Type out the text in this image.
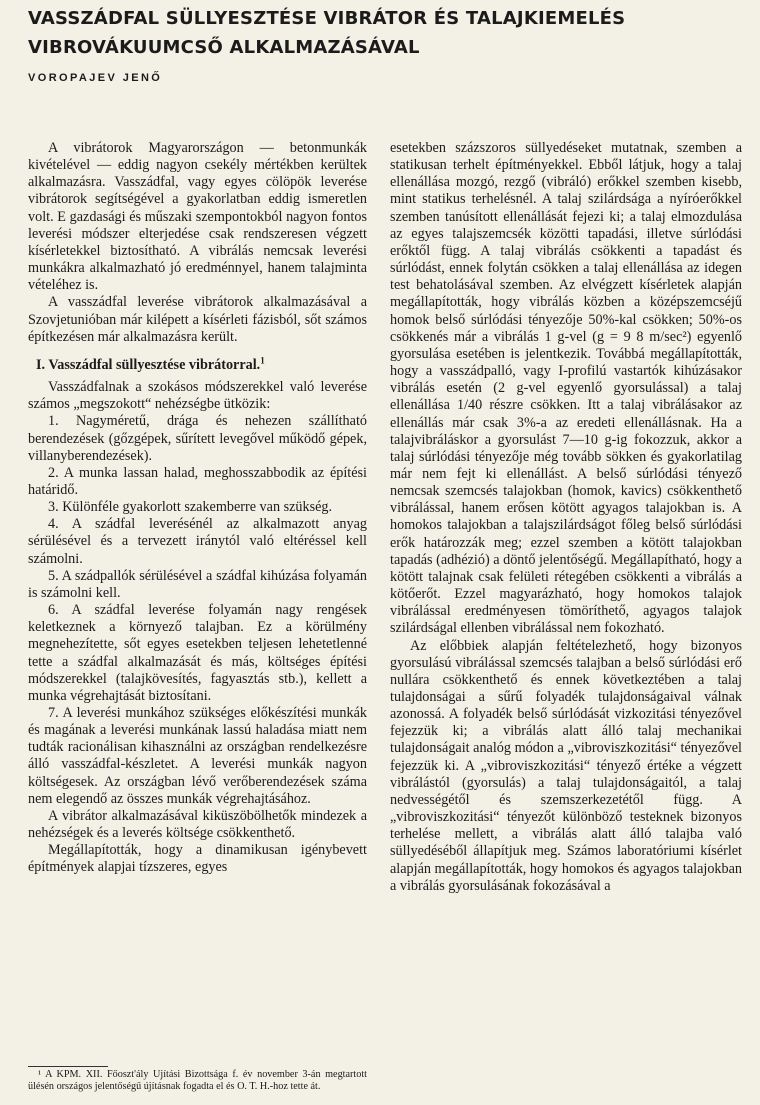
VASSZÁDFAL SÜLLYESZTÉSE VIBRÁTOR ÉS TALAJKIEMELÉS VIBROVÁKUUMCSŐ ALKALMAZÁSÁVAL
VOROPAJEV JENŐ

A vibrátorok Magyarországon — betonmunkák kivételével — eddig nagyon csekély mértékben kerültek alkalmazásra. Vasszádfal, vagy egyes cölöpök leverése vibrátorok segítségével a gyakorlatban eddig ismeretlen volt. E gazdasági és műszaki szempontokból nagyon fontos leverési módszer elterjedése csak rendszeresen végzett kísérletekkel biztosítható. A vibrálás nemcsak leverési munkákra alkalmazható jó eredménnyel, hanem talajminta vételéhez is.

A vasszádfal leverése vibrátorok alkalmazásával a Szovjetunióban már kilépett a kísérleti fázisból, sőt számos építkezésen már alkalmazásra került.

I. Vasszádfal süllyesztése vibrátorral.$^1$

Vasszádfalnak a szokásos módszerekkel való leverése számos „megszokott“ nehézségbe ütközik:

1. Nagyméretű, drága és nehezen szállítható berendezések (gőzgépek, sűrített levegővel működő gépek, villanyberendezések).

2. A munka lassan halad, meghosszabbodik az építési határidő.

3. Különféle gyakorlott szakemberre van szükség.

4. A szádfal leverésénél az alkalmazott anyag sérülésével és a tervezett iránytól való eltéréssel kell számolni.

5. A szádpallók sérülésével a szádfal kihúzása folyamán is számolni kell.

6. A szádfal leverése folyamán nagy rengések keletkeznek a környező talajban. Ez a körülmény megnehezítette, sőt egyes esetekben teljesen lehetetlenné tette a szádfal alkalmazását és más, költséges építési módszerekkel (talajkövesítés, fagyasztás stb.), kellett a munka végrehajtását biztosítani.

7. A leverési munkához szükséges előkészítési munkák és magának a leverési munkának lassú haladása miatt nem tudták racionálisan kihasználni az országban rendelkezésre álló vasszádfal-készletet. A leverési munkák nagyon költségesek. Az országban lévő verőberendezések száma nem elegendő az összes munkák végrehajtásához.

A vibrátor alkalmazásával kiküszöbölhetők mindezek a nehézségek és a leverés költsége csökkenthető.

Megállapították, hogy a dinamikusan igénybevett építmények alapjai tízszeres, egyes

esetekben százszoros süllyedéseket mutatnak, szemben a statikusan terhelt építményekkel. Ebből látjuk, hogy a talaj ellenállása mozgó, rezgő (vibráló) erőkkel szemben kisebb, mint statikus terhelésnél. A talaj szilárdsága a nyíróerőkkel szemben tanúsított ellenállását fejezi ki; a talaj elmozdulása az egyes talajszemcsék közötti tapadási, illetve súrlódási erőktől függ. A talaj vibrálás csökkenti a tapadást és súrlódást, ennek folytán csökken a talaj ellenállása az idegen test behatolásával szemben. Az elvégzett kísérletek alapján megállapították, hogy vibrálás közben a középszemcséjű homok belső súrlódási tényezője 50%-kal csökken; 50%-os csökkenés már a vibrálás 1 g-vel (g = 9 8 m/sec²) egyenlő gyorsulása esetében is jelentkezik. Továbbá megállapították, hogy a vasszádpalló, vagy I-profilú vastartók kihúzásakor vibrálás esetén (2 g-vel egyenlő gyorsulással) a talaj ellenállása 1/40 részre csökken. Itt a talaj vibrálásakor az ellenállás már csak 3%-a az eredeti ellenállásnak. Ha a talajvibráláskor a gyorsulást 7—10 g-ig fokozzuk, akkor a talaj súrlódási tényezője még tovább sökken és gyakorlatilag már nem fejt ki ellenállást. A belső súrlódási tényező nemcsak szemcsés talajokban (homok, kavics) csökkenthető vibrálással, hanem erősen kötött agyagos talajokban is. A homokos talajokban a talajszilárdságot főleg belső súrlódási erők határozzák meg; ezzel szemben a kötött talajokban tapadás (adhézió) a döntő jelentőségű. Megállapítható, hogy a kötött talajnak csak felületi rétegében csökkenti a vibrálás a kötőerőt. Ezzel magyarázható, hogy homokos talajok vibrálással eredményesen tömöríthető, agyagos talajok szilárdságal ellenben vibrálással nem fokozható.

Az előbbiek alapján feltételezhető, hogy bizonyos gyorsulású vibrálással szemcsés talajban a belső súrlódási erő nullára csökkenthető és ennek következtében a talaj tulajdonságai a sűrű folyadék tulajdonságaival válnak azonossá. A folyadék belső súrlódását vizkozitási tényezővel fejezzük ki; a vibrálás alatt álló talaj mechanikai tulajdonságait analóg módon a „vibroviszkozitási“ tényezővel fejezzük ki. A „vibroviszkozitási“ tényező értéke a végzett vibrálástól (gyorsulás) a talaj tulajdonságaitól, a talaj nedvességétől és szemszerkezetétől függ. A „vibroviszkozitási“ tényezőt különböző testeknek bizonyos terhelése mellett, a vibrálás alatt álló talajba való süllyedéséből állapítjuk meg. Számos laboratóriumi kísérlet alapján megállapították, hogy homokos és agyagos talajokban a vibrálás gyorsulásának fokozásával a

¹ A KPM. XII. Főoszt'ály Ujítási Bizottsága f. év november 3-án megtartott ülésén országos jelentőségű újításnak fogadta el és O. T. H.-hoz tette át.
